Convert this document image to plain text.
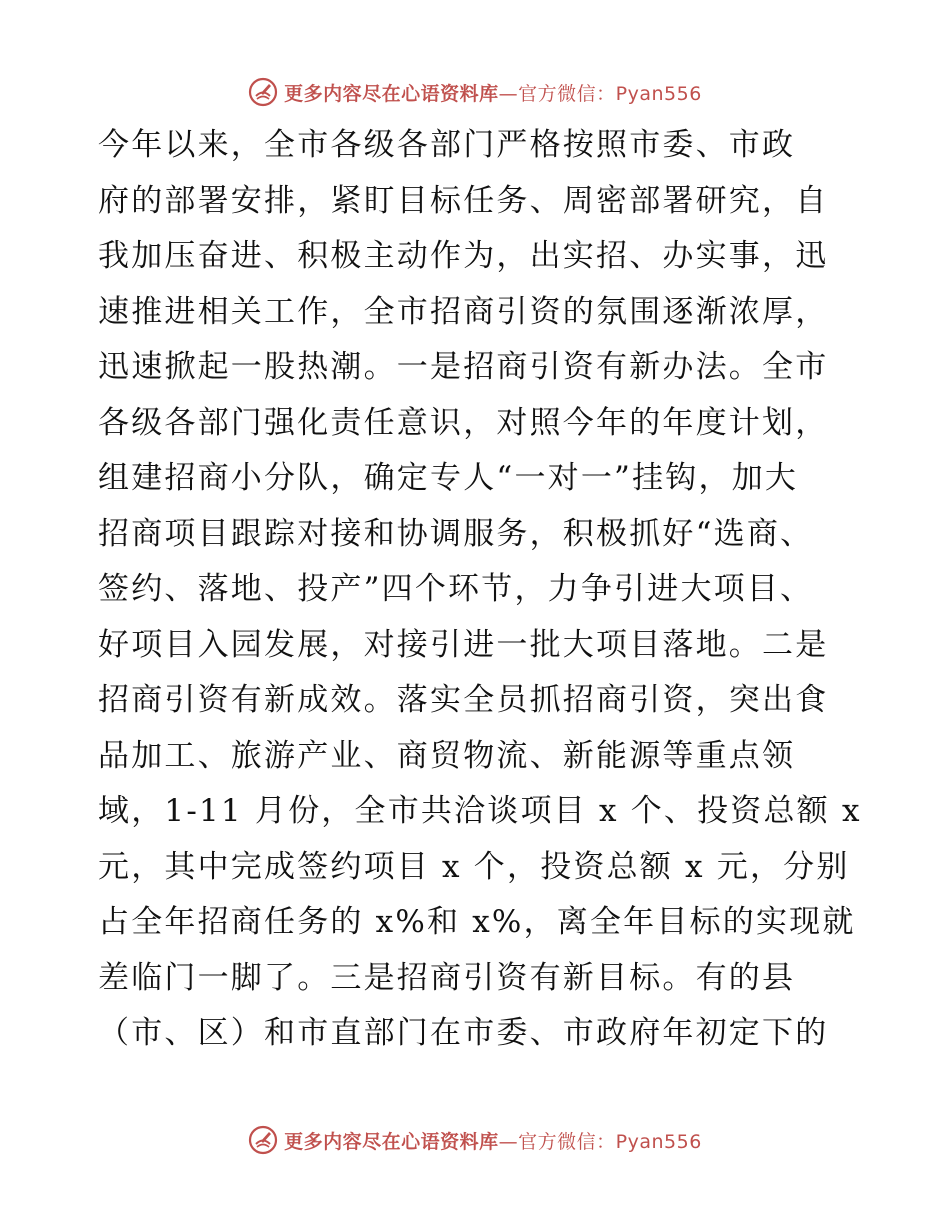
更多内容尽在心语资料库—官方微信：Pyan556
今年以来，全市各级各部门严格按照市委、市政
府的部署安排，紧盯目标任务、周密部署研究，自
我加压奋进、积极主动作为，出实招、办实事，迅
速推进相关工作，全市招商引资的氛围逐渐浓厚，
迅速掀起一股热潮。一是招商引资有新办法。全市
各级各部门强化责任意识，对照今年的年度计划，
组建招商小分队，确定专人“一对一”挂钩，加大
招商项目跟踪对接和协调服务，积极抓好“选商、
签约、落地、投产”四个环节，力争引进大项目、
好项目入园发展，对接引进一批大项目落地。二是
招商引资有新成效。落实全员抓招商引资，突出食
品加工、旅游产业、商贸物流、新能源等重点领
域，1-11 月份，全市共洽谈项目 x 个、投资总额 x
元，其中完成签约项目 x 个，投资总额 x 元，分别
占全年招商任务的 x%和 x%，离全年目标的实现就
差临门一脚了。三是招商引资有新目标。有的县
（市、区）和市直部门在市委、市政府年初定下的
更多内容尽在心语资料库—官方微信：Pyan556
